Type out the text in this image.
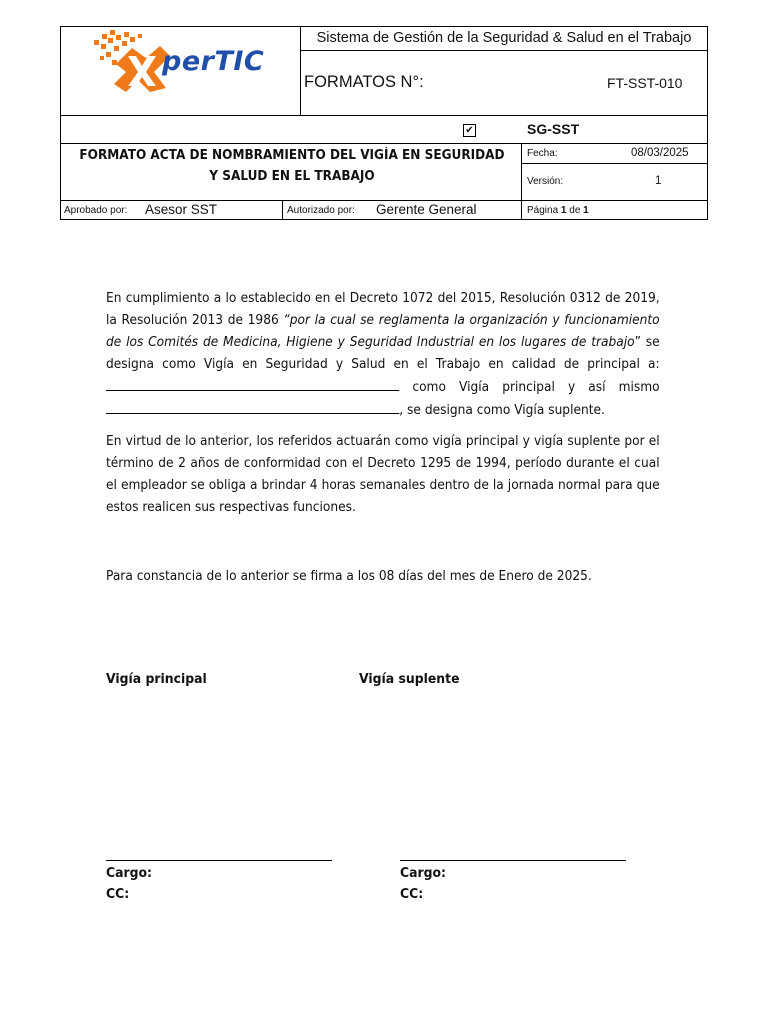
perTIC
Sistema de Gestión de la Seguridad & Salud en el Trabajo
FORMATOS N°:	FT-SST-010
✔	SG-SST
FORMATO ACTA DE NOMBRAMIENTO DEL VIGÍA EN SEGURIDAD Y SALUD EN EL TRABAJO
Fecha:	08/03/2025
Versión:	1
Aprobado por: Asesor SST	Autorizado por: Gerente General	Página 1 de 1
En cumplimiento a lo establecido en el Decreto 1072 del 2015, Resolución 0312 de 2019, la Resolución 2013 de 1986 “por la cual se reglamenta la organización y funcionamiento de los Comités de Medicina, Higiene y Seguridad Industrial en los lugares de trabajo” se designa como Vigía en Seguridad y Salud en el Trabajo en calidad de principal a:  como Vigía principal y así mismo , se designa como Vigía suplente.
En virtud de lo anterior, los referidos actuarán como vigía principal y vigía suplente por el término de 2 años de conformidad con el Decreto 1295 de 1994, período durante el cual el empleador se obliga a brindar 4 horas semanales dentro de la jornada normal para que estos realicen sus respectivas funciones.
Para constancia de lo anterior se firma a los 08 días del mes de Enero de 2025.
Vigía principal	Vigía suplente
Cargo:
CC:
Cargo:
CC:
